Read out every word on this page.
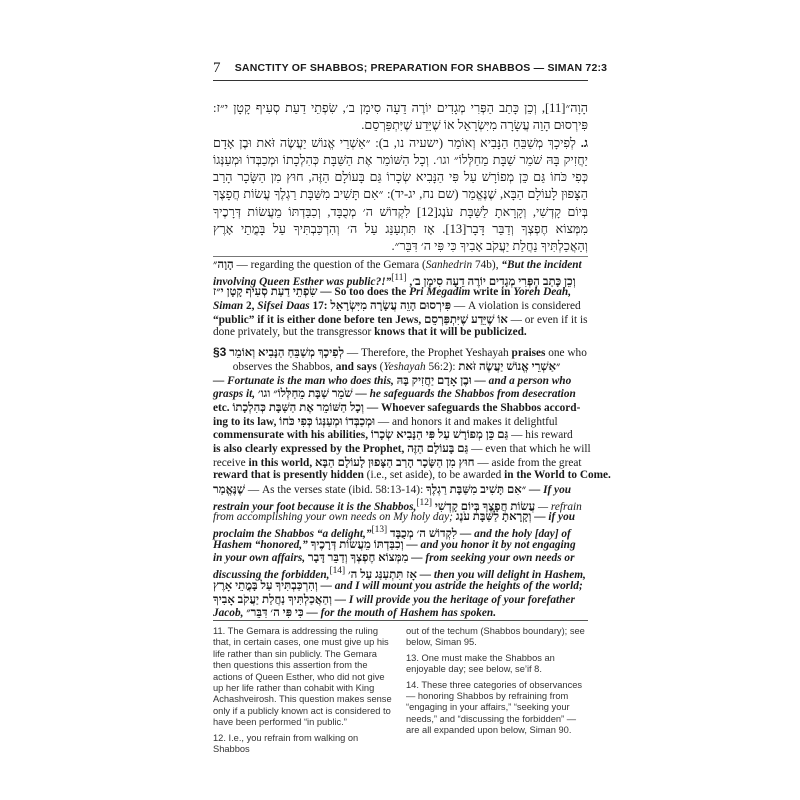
7 SANCTITY OF SHABBOS; PREPARATION FOR SHABBOS — SIMAN 72:3

הָוָה״[11], וְכֵן כָּתַב הַפְּרִי מְגָדִים יוֹרֶה דֵעָה סִימָן ב׳, שִׂפְתֵי דַעַת סְעִיף קָטָן י״ז: פִּירְסוּם הָוֵה עֲשָׂרָה מִיִּשְׂרָאֵל אוֹ שֶׁיֵּדַע שֶׁיִּתְפַּרְסֵם.

ג. לְפִיכָךְ מְשַׁבֵּחַ הַנָּבִיא וְאוֹמֵר (ישעיה נו, ב): ״אַשְׁרֵי אֱנוֹשׁ יַעֲשֶׂה זֹּאת וּבֶן אָדָם יַחֲזִיק בָּהּ שֹׁמֵר שַׁבָּת מֵחַלְּלוֹ״ וגו׳. וְכָל הַשּׁוֹמֵר אֶת הַשַּׁבָּת כְּהִלְכָתוֹ וּמְכַבְּדוֹ וּמְעַנְּגוֹ כְּפִי כֹּחוֹ גַּם כֵּן מְפוֹרָשׁ עַל פִּי הַנָּבִיא שְׂכָרוֹ גַּם בָּעוֹלָם הַזֶּה, חוּץ מִן הַשָּׂכָר הָרַב הַצָּפוּן לָעוֹלָם הַבָּא, שֶׁנֶּאֱמַר (שם נח, יג-יד): ״אִם תָּשִׁיב מִשַּׁבָּת רַגְלֶךָ עֲשׂוֹת חֲפָצֶךָ בְּיוֹם קָדְשִׁי, וְקָרָאתָ לַשַּׁבָּת עֹנֶג[12] לִקְדוֹשׁ ה׳ מְכֻבָּד, וְכִבַּדְתּוֹ מֵעֲשׂוֹת דְּרָכֶיךָ מִמְּצוֹא חֶפְצְךָ וְדַבֵּר דָּבָר[13]. אָז תִּתְעַנַּג עַל ה׳ וְהִרְכַּבְתִּיךָ עַל בָּמֳתֵי אָרֶץ וְהַאֲכַלְתִּיךָ נַחֲלַת יַעֲקֹב אָבִיךָ כִּי פִּי ה׳ דִּבֵּר״.

הָוָה״ — regarding the question of the Gemara (Sanhedrin 74b), “But the incident
involving Queen Esther was public?!”[11] וְכֵן כָּתַב הַפְּרִי מְגָדִים יוֹרֶה דֵעָה סִימָן ב׳,
שִׂפְתֵי דַעַת סְעִיף קָטָן י״ז — So too does the Pri Megadim write in Yoreh Deah,
Siman 2, Sifsei Daas 17: פִּירְסוּם הָוֵה עֲשָׂרָה מִיִּשְׂרָאֵל — A violation is considered
“public” if it is either done before ten Jews, אוֹ שֶׁיֵּדַע שֶׁיִּתְפַּרְסֵם — or even if it is
done privately, but the transgressor knows that it will be publicized.
§3 לְפִיכָךְ מְשַׁבֵּחַ הַנָּבִיא וְאוֹמֵר — Therefore, the Prophet Yeshayah praises one who
observes the Shabbos, and says (Yeshayah 56:2): ״אַשְׁרֵי אֱנוֹשׁ יַעֲשֶׂה זֹּאת
— Fortunate is the man who does this, וּבֶן אָדָם יַחֲזִיק בָּהּ — and a person who
grasps it, שֹׁמֵר שַׁבָּת מֵחַלְּלוֹ״ וגו׳ — he safeguards the Shabbos from desecration
etc. וְכָל הַשּׁוֹמֵר אֶת הַשַּׁבָּת כְּהִלְכָתוֹ — Whoever safeguards the Shabbos accord-
ing to its law, וּמְכַבְּדוֹ וּמְעַנְּגוֹ כְּפִי כֹּחוֹ — and honors it and makes it delightful
commensurate with his abilities, גַּם כֵּן מְפוֹרָשׁ עַל פִּי הַנָּבִיא שְׂכָרוֹ — his reward
is also clearly expressed by the Prophet, גַּם בָּעוֹלָם הַזֶּה — even that which he will
receive in this world, חוּץ מִן הַשָּׂכָר הָרַב הַצָּפוּן לָעוֹלָם הַבָּא — aside from the great
reward that is presently hidden (i.e., set aside), to be awarded in the World to Come.
שֶׁנֶּאֱמַר — As the verses state (ibid. 58:13-14): ״אִם תָּשִׁיב מִשַּׁבָּת רַגְלֶךָ — If you
restrain your foot because it is the Shabbos,[12] עֲשׂוֹת חֲפָצֶךָ בְּיוֹם קָדְשִׁי — refrain
from accomplishing your own needs on My holy day; וְקָרָאתָ לַשַּׁבָּת עֹנֶג — if you
proclaim the Shabbos “a delight,”[13] לִקְדוֹשׁ ה׳ מְכֻבָּד — and the holy [day] of
Hashem “honored,” וְכִבַּדְתּוֹ מֵעֲשׂוֹת דְּרָכֶיךָ — and you honor it by not engaging
in your own affairs, מִמְּצוֹא חֶפְצְךָ וְדַבֵּר דָּבָר — from seeking your own needs or
discussing the forbidden,[14] אָז תִּתְעַנַּג עַל ה׳ — then you will delight in Hashem,
וְהִרְכַּבְתִּיךָ עַל בָּמֳתֵי אָרֶץ — and I will mount you astride the heights of the world;
וְהַאֲכַלְתִּיךָ נַחֲלַת יַעֲקֹב אָבִיךָ — I will provide you the heritage of your forefather
Jacob, כִּי פִּי ה׳ דִּבֵּר״ — for the mouth of Hashem has spoken.

11. The Gemara is addressing the ruling that, in certain cases, one must give up his life rather than sin publicly. The Gemara then questions this assertion from the actions of Queen Esther, who did not give up her life rather than cohabit with King Achashveirosh. This question makes sense only if a publicly known act is considered to have been performed “in public.”

12. I.e., you refrain from walking on Shabbos

out of the techum (Shabbos boundary); see below, Siman 95.

13. One must make the Shabbos an enjoyable day; see below, se’if 8.

14. These three categories of observances — honoring Shabbos by refraining from “engaging in your affairs,” “seeking your needs,” and “discussing the forbidden” — are all expanded upon below, Siman 90.
